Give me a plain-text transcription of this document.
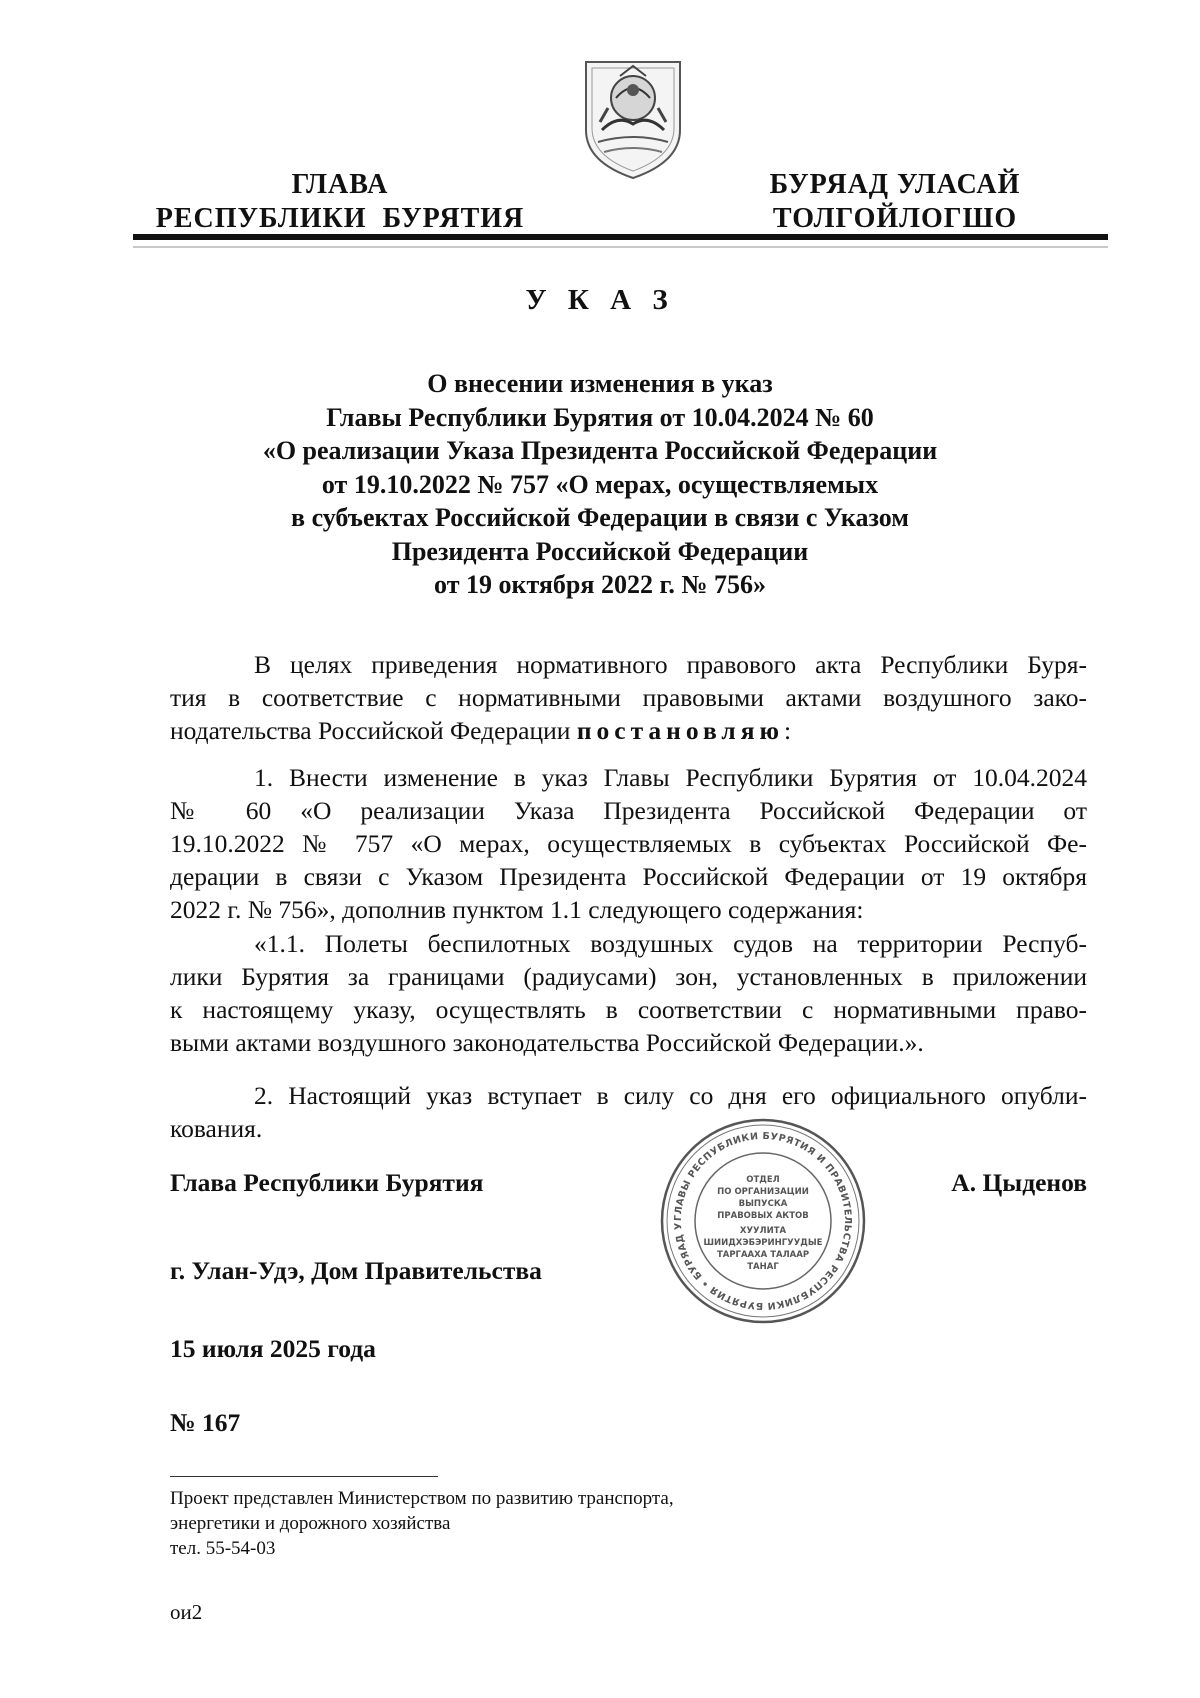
ГЛАВА
РЕСПУБЛИКИ  БУРЯТИЯ
БУРЯАД УЛАСАЙ
ТОЛГОЙЛОГШО
У К А З
О внесении изменения в указ
Главы Республики Бурятия от 10.04.2024 № 60
«О реализации Указа Президента Российской Федерации
от 19.10.2022 № 757 «О мерах, осуществляемых
в субъектах Российской Федерации в связи с Указом
Президента Российской Федерации
от 19 октября 2022 г. № 756»
В целях приведения нормативного правового акта Республики Буря-
тия в соответствие с нормативными правовыми актами воздушного зако-
нодательства Российской Федерации постановляю:
1. Внести изменение в указ Главы Республики Бурятия от 10.04.2024
№ 60 «О реализации Указа Президента Российской Федерации от
19.10.2022 № 757 «О мерах, осуществляемых в субъектах Российской Фе-
дерации в связи с Указом Президента Российской Федерации от 19 октября
2022 г. № 756», дополнив пунктом 1.1 следующего содержания:
«1.1. Полеты беспилотных воздушных судов на территории Респуб-
лики Бурятия за границами (радиусами) зон, установленных в приложении
к настоящему указу, осуществлять в соответствии с нормативными право-
выми актами воздушного законодательства Российской Федерации.».
2. Настоящий указ вступает в силу со дня его официального опубли-
кования.
ГЛАВЫ РЕСПУБЛИКИ БУРЯТИЯ И ПРАВИТЕЛЬСТВА РЕСПУБЛИКИ БУРЯТИЯ • БУРЯАД У
ОТДЕЛ
ПО ОРГАНИЗАЦИИ
ВЫПУСКА
ПРАВОВЫХ АКТОВ
ХУУЛИТА
ШИИДХЭБЭРИНГУУДЫЕ
ТАРГААХА ТАЛААР
ТАНАГ
Глава Республики Бурятия	А. Цыденов
г. Улан-Удэ, Дом Правительства
15 июля 2025 года
№ 167
Проект представлен Министерством по развитию транспорта,
энергетики и дорожного хозяйства
тел. 55-54-03
ои2
